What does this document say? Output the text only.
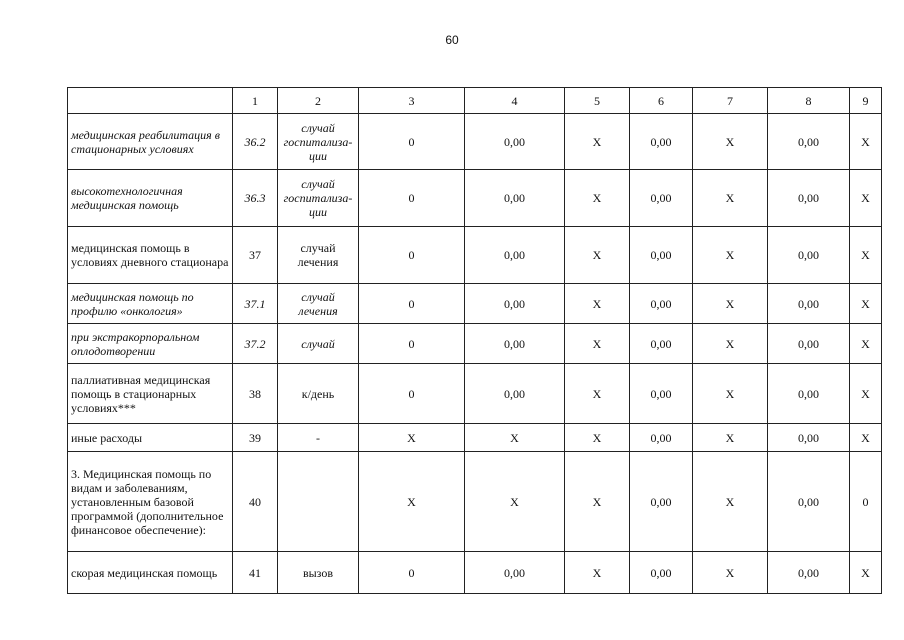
60
	1	2	3	4	5	6	7	8	9
медицинская реабилитация в стационарных условиях	36.2	случай госпитализа-ции	0	0,00	X	0,00	X	0,00	X
высокотехнологичная медицинская помощь	36.3	случай госпитализа-ции	0	0,00	X	0,00	X	0,00	X
медицинская помощь в условиях дневного стационара	37	случай лечения	0	0,00	X	0,00	X	0,00	X
медицинская помощь по профилю «онкология»	37.1	случай лечения	0	0,00	X	0,00	X	0,00	X
при экстракорпоральном оплодотворении	37.2	случай	0	0,00	X	0,00	X	0,00	X
паллиативная медицинская помощь в стационарных условиях***	38	к/день	0	0,00	X	0,00	X	0,00	X
иные расходы	39	-	X	X	X	0,00	X	0,00	X
3. Медицинская помощь по видам и заболеваниям, установленным базовой программой (дополнительное финансовое обеспечение):	40		X	X	X	0,00	X	0,00	0
скорая медицинская помощь	41	вызов	0	0,00	X	0,00	X	0,00	X
